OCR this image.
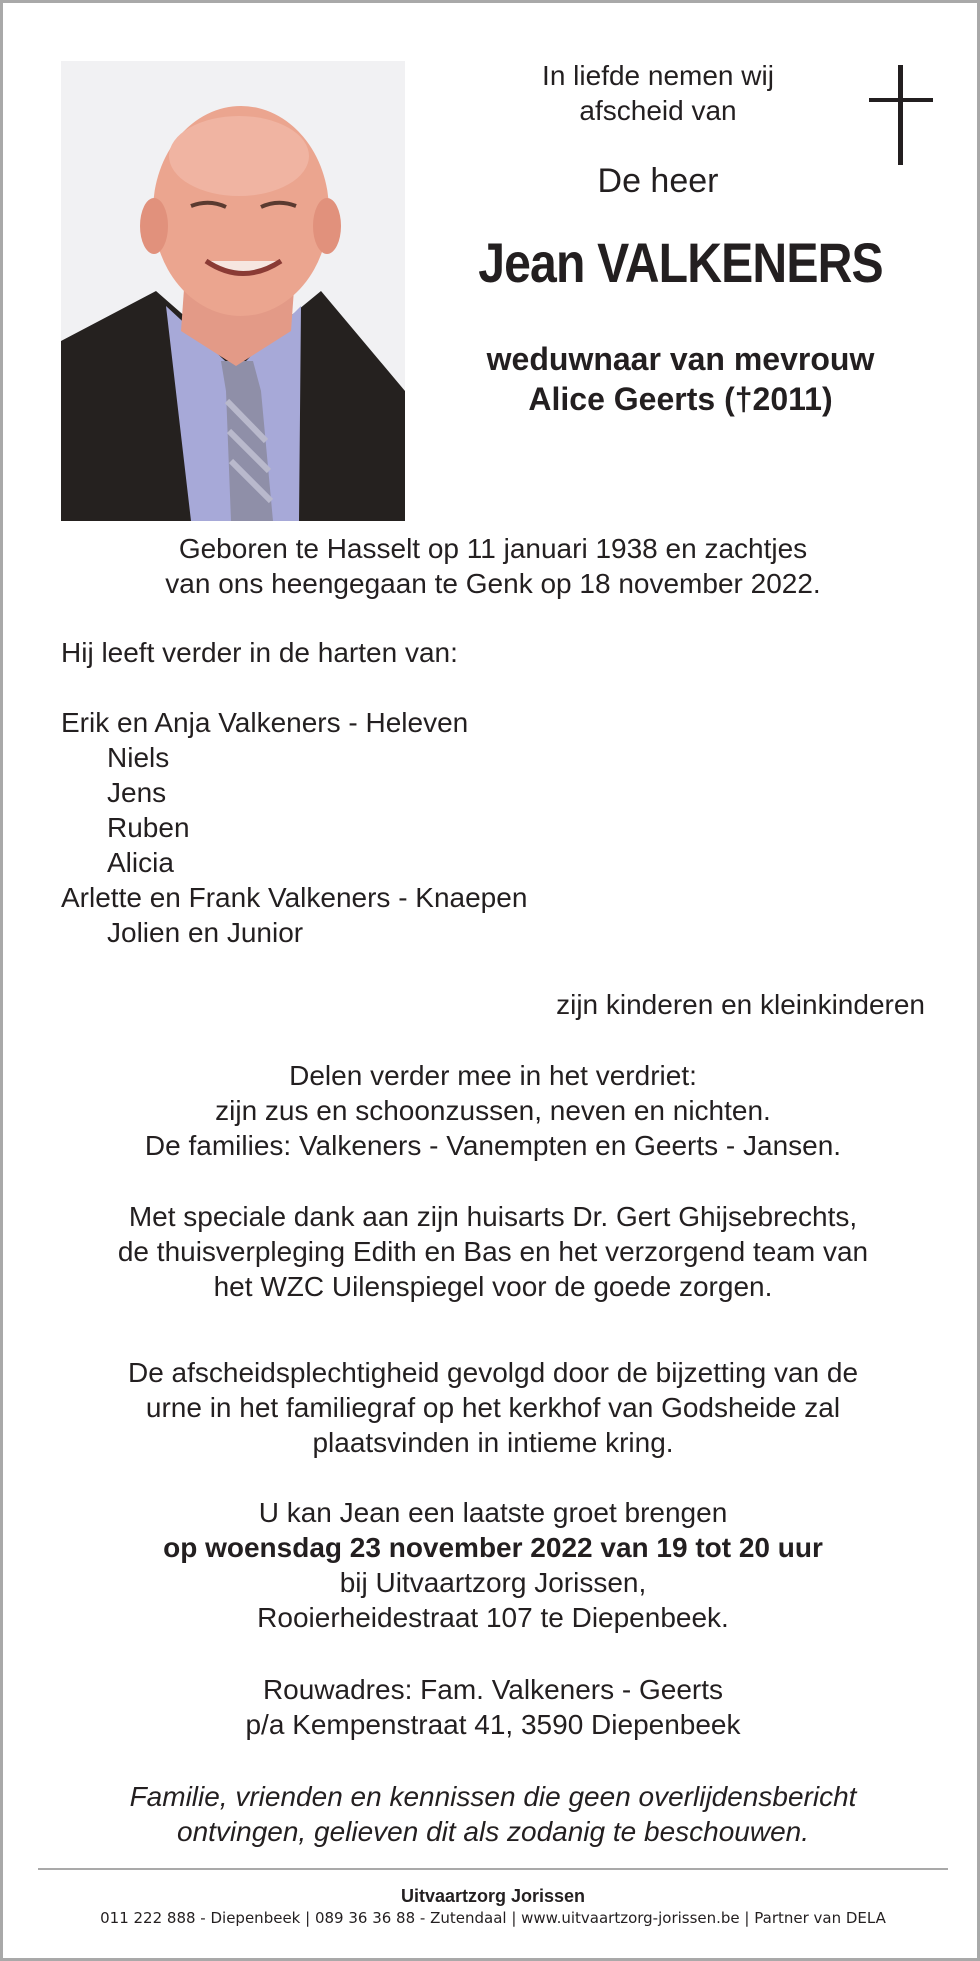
In liefde nemen wij
afscheid van
De heer
Jean VALKENERS
weduwnaar van mevrouw
Alice Geerts (†2011)
Geboren te Hasselt op 11 januari 1938 en zachtjes
van ons heengegaan te Genk op 18 november 2022.
Hij leeft verder in de harten van:
Erik en Anja Valkeners - Heleven
Niels
Jens
Ruben
Alicia
Arlette en Frank Valkeners - Knaepen
Jolien en Junior
zijn kinderen en kleinkinderen
Delen verder mee in het verdriet:
zijn zus en schoonzussen, neven en nichten.
De families: Valkeners - Vanempten en Geerts - Jansen.
Met speciale dank aan zijn huisarts Dr. Gert Ghijsebrechts,
de thuisverpleging Edith en Bas en het verzorgend team van
het WZC Uilenspiegel voor de goede zorgen.
De afscheidsplechtigheid gevolgd door de bijzetting van de
urne in het familiegraf op het kerkhof van Godsheide zal
plaatsvinden in intieme kring.
U kan Jean een laatste groet brengen
op woensdag 23 november 2022 van 19 tot 20 uur
bij Uitvaartzorg Jorissen,
Rooierheidestraat 107 te Diepenbeek.
Rouwadres: Fam. Valkeners - Geerts
p/a Kempenstraat 41, 3590 Diepenbeek
Familie, vrienden en kennissen die geen overlijdensbericht
ontvingen, gelieven dit als zodanig te beschouwen.
Uitvaartzorg Jorissen
011 222 888 - Diepenbeek | 089 36 36 88 - Zutendaal | www.uitvaartzorg-jorissen.be | Partner van DELA
